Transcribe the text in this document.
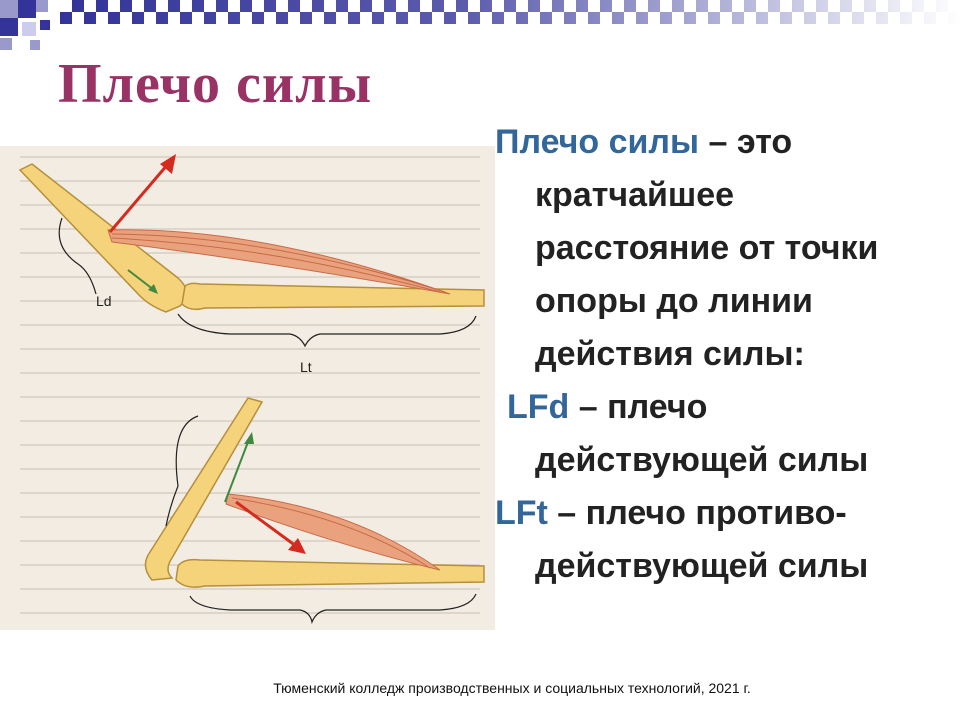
Плечо силы
Ld
Lt

Плечо силы – это
кратчайшее
расстояние от точки
опоры до линии
действия силы:

LFd – плечо
действующей силы

LFt – плечо противо-
действующей силы

Тюменский колледж производственных и социальных технологий, 2021 г.
